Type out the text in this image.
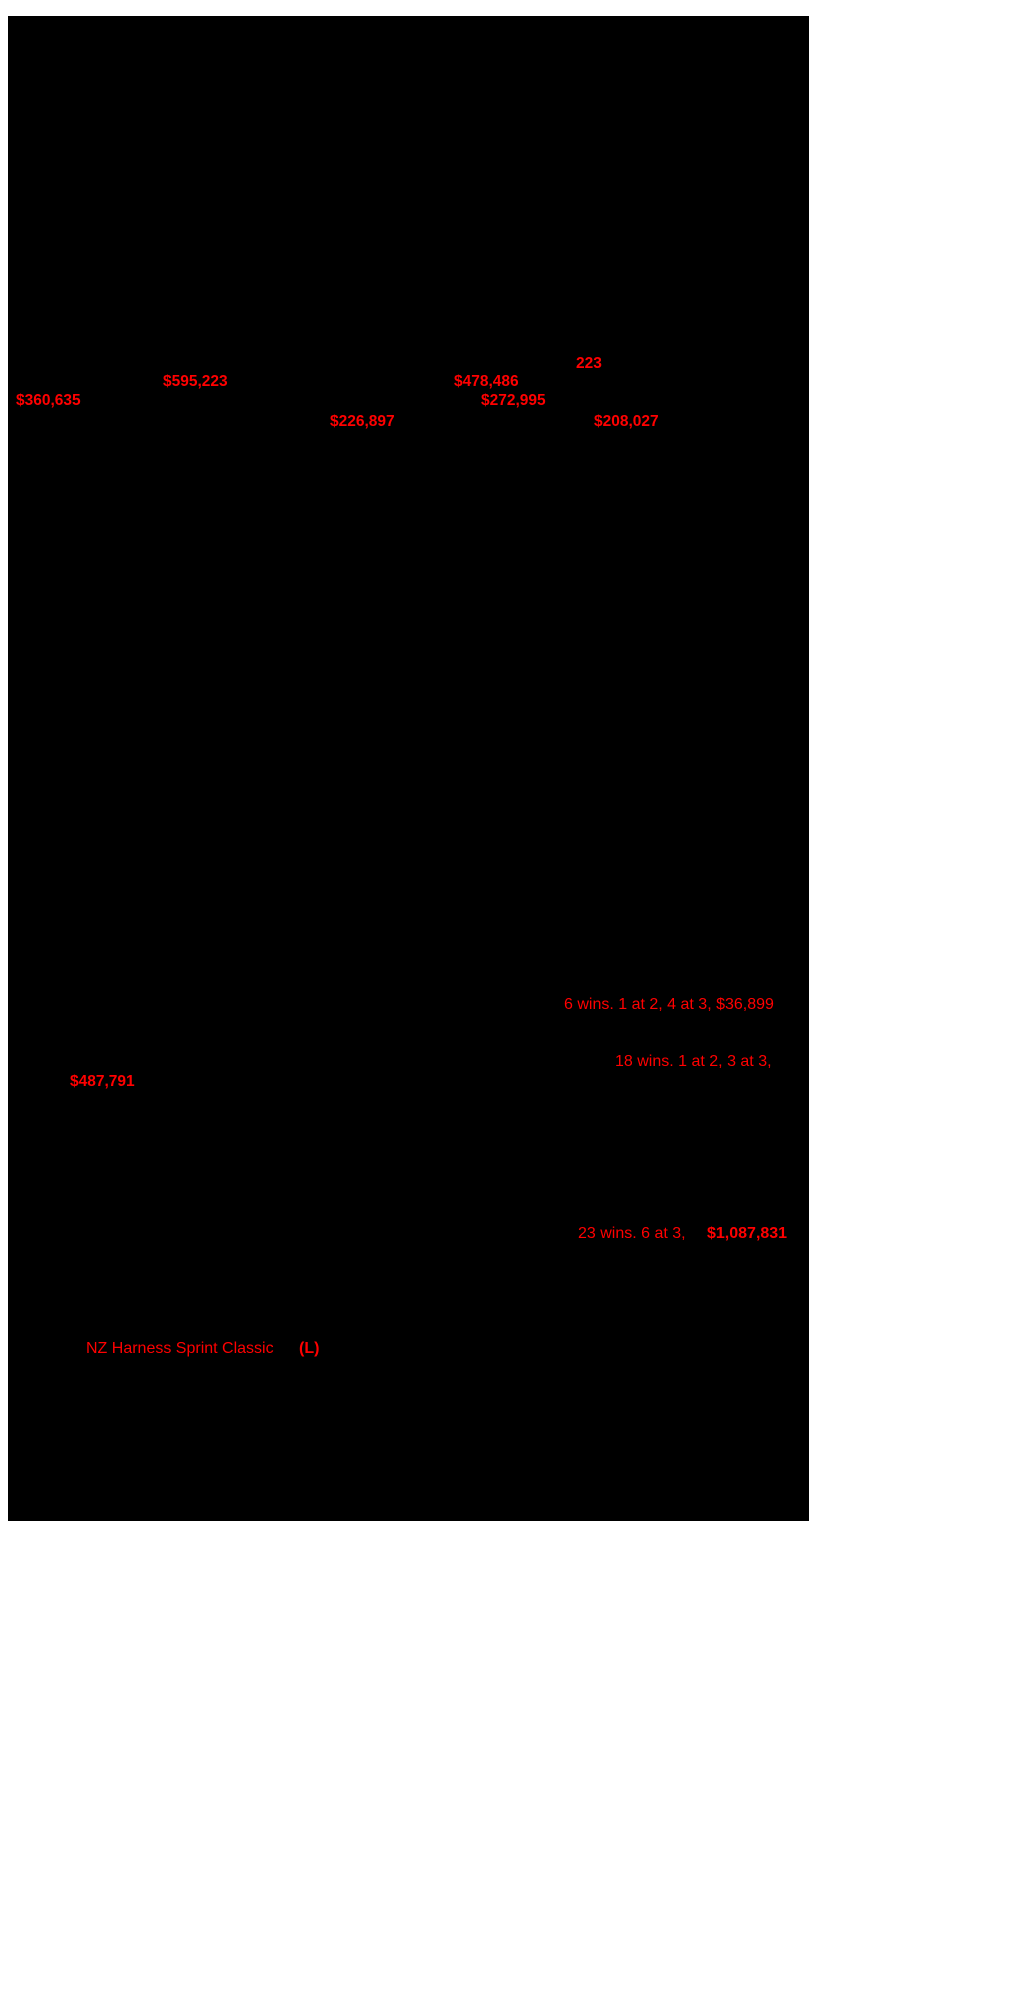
$360,635
$595,223
$226,897
$478,486
$272,995
223
$208,027
6 wins. 1 at 2, 4 at 3, $36,899
18 wins. 1 at 2, 3 at 3,
$487,791
23 wins. 6 at 3, $1,087,831
NZ Harness Sprint Classic (L)
